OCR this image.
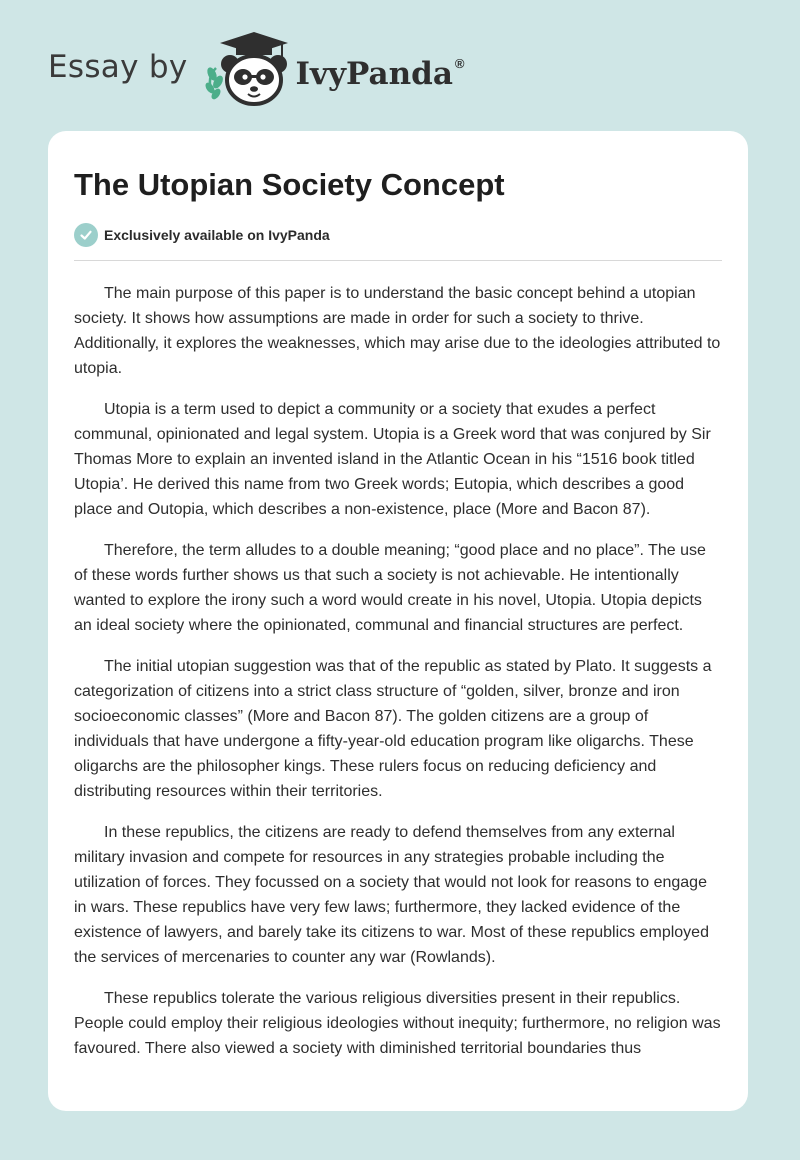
Essay by	IvyPanda ®
The Utopian Society Concept
Exclusively available on IvyPanda

The main purpose of this paper is to understand the basic concept behind a utopian society. It shows how assumptions are made in order for such a society to thrive. Additionally, it explores the weaknesses, which may arise due to the ideologies attributed to utopia.

Utopia is a term used to depict a community or a society that exudes a perfect communal, opinionated and legal system. Utopia is a Greek word that was conjured by Sir Thomas More to explain an invented island in the Atlantic Ocean in his “1516 book titled Utopia’. He derived this name from two Greek words; Eutopia, which describes a good place and Outopia, which describes a non-existence, place (More and Bacon 87).

Therefore, the term alludes to a double meaning; “good place and no place”. The use of these words further shows us that such a society is not achievable. He intentionally wanted to explore the irony such a word would create in his novel, Utopia. Utopia depicts an ideal society where the opinionated, communal and financial structures are perfect.

The initial utopian suggestion was that of the republic as stated by Plato. It suggests a categorization of citizens into a strict class structure of “golden, silver, bronze and iron socioeconomic classes” (More and Bacon 87). The golden citizens are a group of individuals that have undergone a fifty-year-old education program like oligarchs. These oligarchs are the philosopher kings. These rulers focus on reducing deficiency and distributing resources within their territories.

In these republics, the citizens are ready to defend themselves from any external military invasion and compete for resources in any strategies probable including the utilization of forces. They focussed on a society that would not look for reasons to engage in wars. These republics have very few laws; furthermore, they lacked evidence of the existence of lawyers, and barely take its citizens to war. Most of these republics employed the services of mercenaries to counter any war (Rowlands).

These republics tolerate the various religious diversities present in their republics. People could employ their religious ideologies without inequity; furthermore, no religion was favoured. There also viewed a society with diminished territorial boundaries thus
